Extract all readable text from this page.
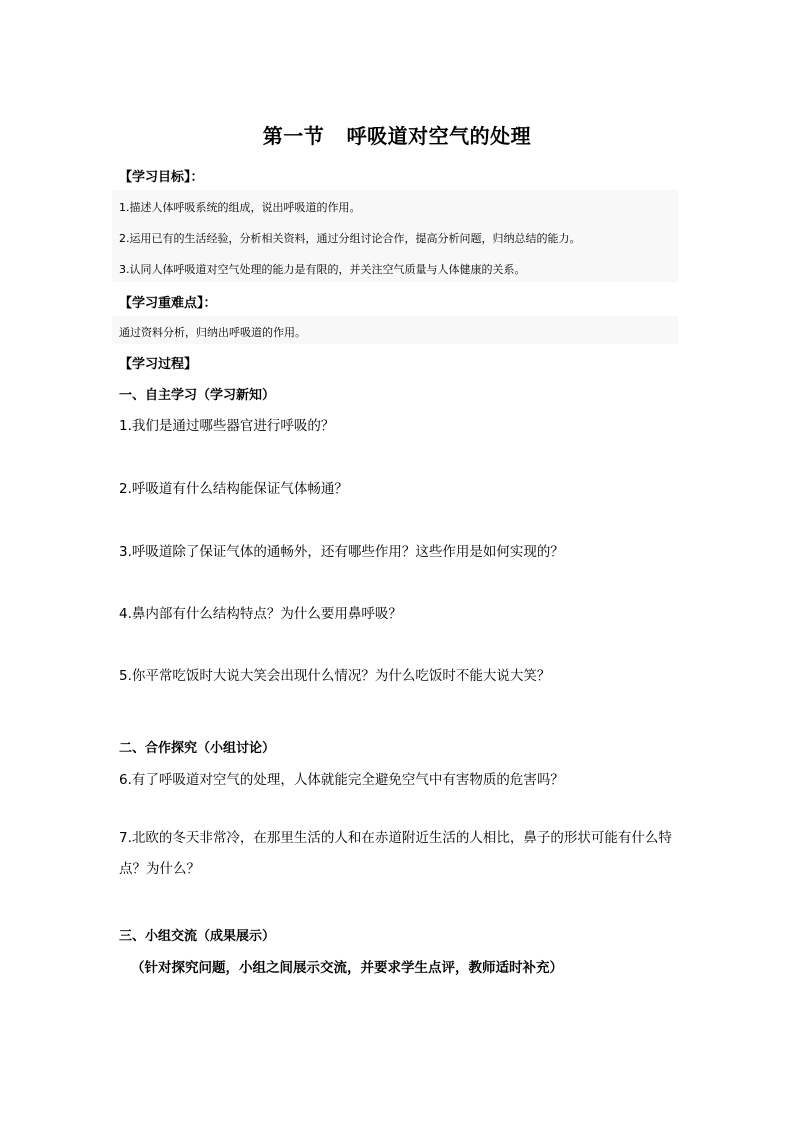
第一节   呼吸道对空气的处理
【学习目标】：
1.描述人体呼吸系统的组成，说出呼吸道的作用。
2.运用已有的生活经验，分析相关资料，通过分组讨论合作，提高分析问题，归纳总结的能力。
3.认同人体呼吸道对空气处理的能力是有限的，并关注空气质量与人体健康的关系。
【学习重难点】：
通过资料分析，归纳出呼吸道的作用。
【学习过程】
一、自主学习（学习新知）
1.我们是通过哪些器官进行呼吸的？
2.呼吸道有什么结构能保证气体畅通？
3.呼吸道除了保证气体的通畅外，还有哪些作用？这些作用是如何实现的？
4.鼻内部有什么结构特点？为什么要用鼻呼吸？
5.你平常吃饭时大说大笑会出现什么情况？为什么吃饭时不能大说大笑？
二、合作探究（小组讨论）
6.有了呼吸道对空气的处理，人体就能完全避免空气中有害物质的危害吗？
7.北欧的冬天非常冷，在那里生活的人和在赤道附近生活的人相比，鼻子的形状可能有什么特点？为什么？
三、小组交流（成果展示）
（针对探究问题，小组之间展示交流，并要求学生点评，教师适时补充）
